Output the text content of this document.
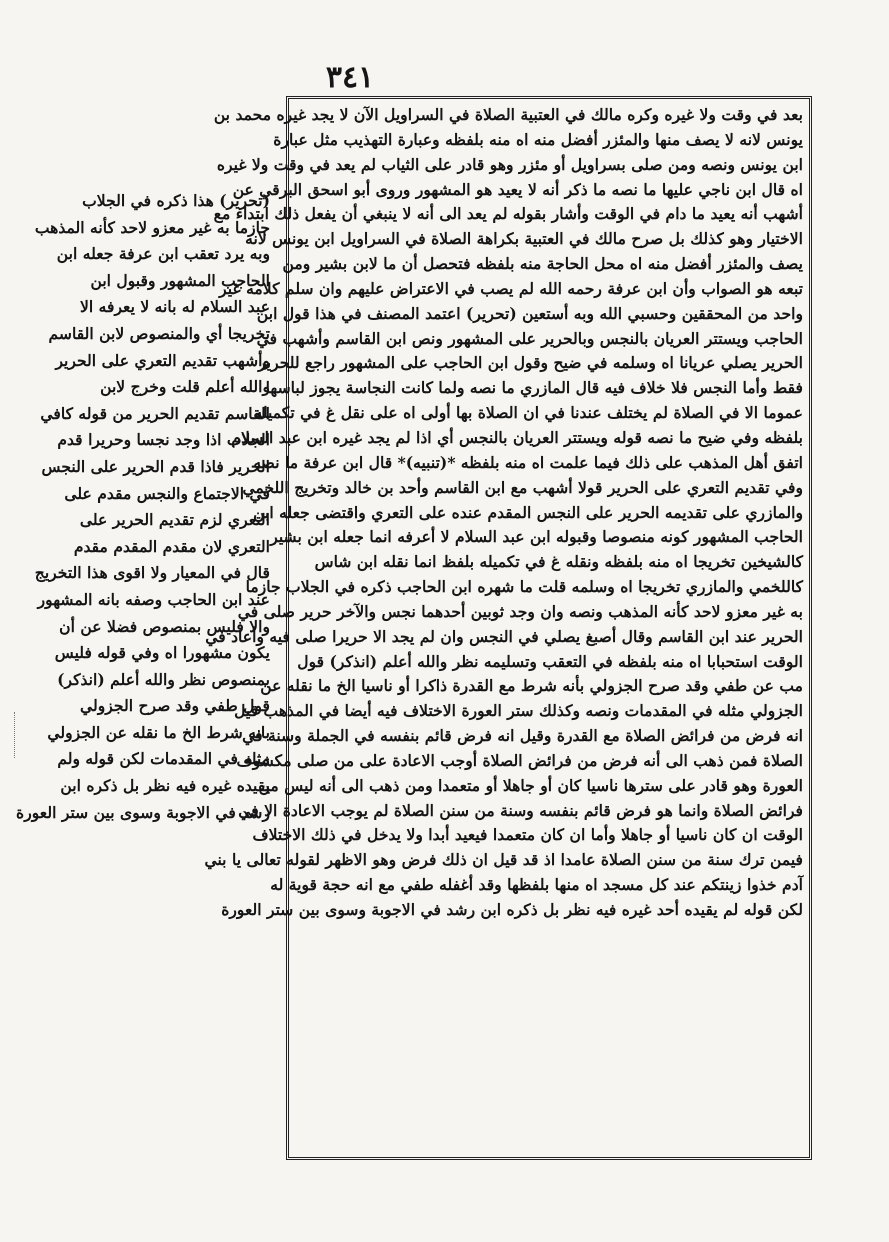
٣٤١
(تحرير) هذا ذكره في الجلاب
جازما به غير معزو لاحد كأنه المذهب
وبه يرد تعقب ابن عرفة جعله ابن
الحاجب المشهور وقبول ابن
عبد السلام له بانه لا يعرفه الا
تخريجا أي والمنصوص لابن القاسم
وأشهب تقديم التعري على الحرير
والله أعلم قلت وخرج لابن
القاسم تقديم الحرير من قوله كافي
الجلاب اذا وجد نجسا وحريرا قدم
الحرير فاذا قدم الحرير على النجس
في الاجتماع والنجس مقدم على
التعري لزم تقديم الحرير على
التعري لان مقدم المقدم مقدم
قال في المعيار ولا اقوى هذا التخريج
عند ابن الحاجب وصفه بانه المشهور
والا فليس بمنصوص فضلا عن أن
يكون مشهورا اه وفي قوله فليس
بمنصوص نظر والله أعلم (انذكر)
قول طفي وقد صرح الجزولي
بانه شرط الخ ما نقله عن الجزولي
مثله في المقدمات لكن قوله ولم
يقيده غيره فيه نظر بل ذكره ابن
رشد في الاجوبة وسوى بين ستر العورة
بعد في وقت ولا غيره وكره مالك في العتبية الصلاة في السراويل الآن لا يجد غيره محمد بن
يونس لانه لا يصف منها والمئزر أفضل منه اه منه بلفظه وعبارة التهذيب مثل عبارة
ابن يونس ونصه ومن صلى بسراويل أو مئزر وهو قادر على الثياب لم يعد في وقت ولا غيره
اه قال ابن ناجي عليها ما نصه ما ذكر أنه لا يعيد هو المشهور وروى أبو اسحق البرقي عن
أشهب أنه يعيد ما دام في الوقت وأشار بقوله لم يعد الى أنه لا ينبغي أن يفعل ذلك ابتداء مع
الاختيار وهو كذلك بل صرح مالك في العتبية بكراهة الصلاة في السراويل ابن يونس لانه
يصف والمئزر أفضل منه اه محل الحاجة منه بلفظه فتحصل أن ما لابن بشير ومن
تبعه هو الصواب وأن ابن عرفة رحمه الله لم يصب في الاعتراض عليهم وان سلم كلامه غير
واحد من المحققين وحسبي الله وبه أستعين (تحرير) اعتمد المصنف في هذا قول ابن
الحاجب ويستتر العريان بالنجس وبالحرير على المشهور ونص ابن القاسم وأشهب في
الحرير يصلي عريانا اه وسلمه في ضيح وقول ابن الحاجب على المشهور راجع للحرير
فقط وأما النجس فلا خلاف فيه قال المازري ما نصه ولما كانت النجاسة يجوز لباسها
عموما الا في الصلاة لم يختلف عندنا في ان الصلاة بها أولى اه على نقل غ في تكميله
بلفظه وفي ضيح ما نصه قوله ويستتر العريان بالنجس أي اذا لم يجد غيره ابن عبد السلام
اتفق أهل المذهب على ذلك فيما علمت اه منه بلفظه *(تنبيه)* قال ابن عرفة ما نصه
وفي تقديم التعري على الحرير قولا أشهب مع ابن القاسم وأحد بن خالد وتخريج اللخمي
والمازري على تقديمه الحرير على النجس المقدم عنده على التعري واقتضى جعله ابن
الحاجب المشهور كونه منصوصا وقبوله ابن عبد السلام لا أعرفه انما جعله ابن بشير
كالشيخين تخريجا اه منه بلفظه ونقله غ في تكميله بلفظ انما نقله ابن شاس
كاللخمي والمازري تخريجا اه وسلمه قلت ما شهره ابن الحاجب ذكره في الجلاب جازما
به غير معزو لاحد كأنه المذهب ونصه وان وجد ثوبين أحدهما نجس والآخر حرير صلى في
الحرير عند ابن القاسم وقال أصبغ يصلي في النجس وان لم يجد الا حريرا صلى فيه وأعاد في
الوقت استحبابا اه منه بلفظه في التعقب وتسليمه نظر والله أعلم (انذكر) قول
مب عن طفي وقد صرح الجزولي بأنه شرط مع القدرة ذاكرا أو ناسيا الخ ما نقله عن
الجزولي مثله في المقدمات ونصه وكذلك ستر العورة الاختلاف فيه أيضا في المذهب قيل
انه فرض من فرائض الصلاة مع القدرة وقيل انه فرض قائم بنفسه في الجملة وسنة في
الصلاة فمن ذهب الى أنه فرض من فرائض الصلاة أوجب الاعادة على من صلى مكشوف
العورة وهو قادر على سترها ناسيا كان أو جاهلا أو متعمدا ومن ذهب الى أنه ليس من
فرائض الصلاة وانما هو فرض قائم بنفسه وسنة من سنن الصلاة لم يوجب الاعادة الا في
الوقت ان كان ناسيا أو جاهلا وأما ان كان متعمدا فيعيد أبدا ولا يدخل في ذلك الاختلاف
فيمن ترك سنة من سنن الصلاة عامدا اذ قد قيل ان ذلك فرض وهو الاظهر لقوله تعالى يا بني
آدم خذوا زينتكم عند كل مسجد اه منها بلفظها وقد أغفله طفي مع انه حجة قوية له
لكن قوله لم يقيده أحد غيره فيه نظر بل ذكره ابن رشد في الاجوبة وسوى بين ستر العورة
